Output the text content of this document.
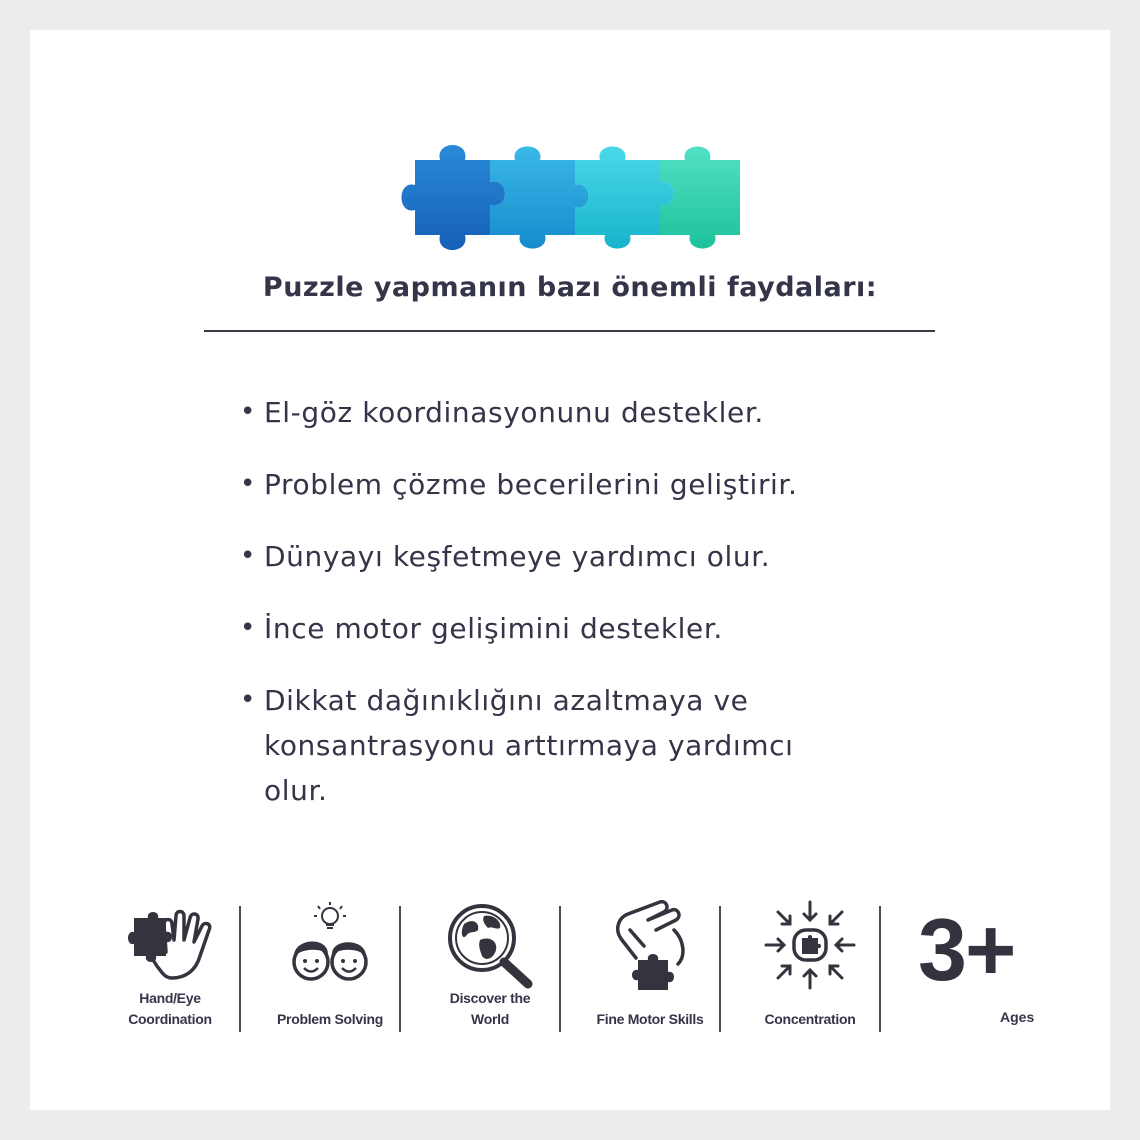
Puzzle yapmanın bazı önemli faydaları:
• El-göz koordinasyonunu destekler.
• Problem çözme becerilerini geliştirir.
• Dünyayı keşfetmeye yardımcı olur.
• İnce motor gelişimini destekler.
• Dikkat dağınıklığını azaltmaya ve konsantrasyonu arttırmaya yardımcı olur.

Hand/Eye
Coordination	Problem Solving

Discover the
World	Fine Motor Skills	Concentration

3+
Ages
